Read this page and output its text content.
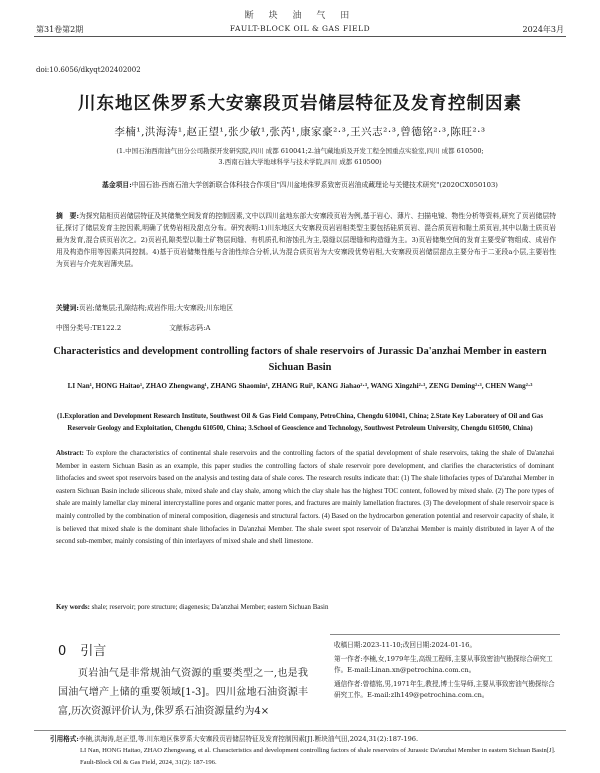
断 块 油 气 田
第31卷第2期	FAULT-BLOCK OIL & GAS FIELD	2024年3月
doi:10.6056/dkyqt202402002
川东地区侏罗系大安寨段页岩储层特征及发育控制因素
李楠¹,洪海涛¹,赵正望¹,张少敏¹,张芮¹,康家豪²·³,王兴志²·³,曾德铭²·³,陈旺²·³
(1.中国石油西南油气田分公司勘探开发研究院,四川 成都 610041;2.油气藏地质及开发工程全国重点实验室,四川 成都 610500;
3.西南石油大学地球科学与技术学院,四川 成都 610500)
基金项目:中国石油-西南石油大学创新联合体科技合作项目"四川盆地侏罗系致密页岩油成藏理论与关键技术研究"(2020CX050103)
摘　要:为探究陆相页岩储层特征及其储集空间发育的控制因素,文中以四川盆地东部大安寨段页岩为例,基于岩心、薄片、扫描电镜、物性分析等资料,研究了页岩储层特征,探讨了储层发育主控因素,明确了优势岩相及甜点分布。研究表明:1)川东地区大安寨段页岩岩相类型主要包括硅质页岩、混合质页岩和黏土质页岩,其中以黏土质页岩最为发育,混合质页岩次之。2)页岩孔隙类型以黏土矿物层间缝、有机质孔和溶蚀孔为主,裂缝以层理缝和构造缝为主。3)页岩储集空间的发育主要受矿物组成、成岩作用及构造作用等因素共同控制。4)基于页岩储集性能与含油性综合分析,认为混合质页岩为大安寨段优势岩相,大安寨段页岩储层甜点主要分布于二亚段a小层,主要岩性为页岩与介壳灰岩薄夹层。
关键词:页岩;储集层;孔隙结构;成岩作用;大安寨段;川东地区
中图分类号:TE122.2	文献标志码:A
Characteristics and development controlling factors of shale reservoirs of Jurassic Da'anzhai Member in eastern Sichuan Basin
LI Nan¹, HONG Haitao¹, ZHAO Zhengwang¹, ZHANG Shaomin¹, ZHANG Rui¹, KANG Jiahao²·³, WANG Xingzhi²·³, ZENG Deming²·³, CHEN Wang²·³
(1.Exploration and Development Research Institute, Southwest Oil & Gas Field Company, PetroChina, Chengdu 610041, China; 2.State Key Laboratory of Oil and Gas Reservoir Geology and Exploitation, Chengdu 610500, China; 3.School of Geoscience and Technology, Southwest Petroleum University, Chengdu 610500, China)
Abstract: To explore the characteristics of continental shale reservoirs and the controlling factors of the spatial development of shale reservoirs, taking the shale of Da'anzhai Member in eastern Sichuan Basin as an example, this paper studies the controlling factors of shale reservoir pore development, and clarifies the characteristics of dominant lithofacies and sweet spot reservoirs based on the analysis and testing data of shale cores. The research results indicate that: (1) The shale lithofacies types of Da'anzhai Member in eastern Sichuan Basin include siliceous shale, mixed shale and clay shale, among which the clay shale has the highest TOC content, followed by mixed shale. (2) The pore types of shale are mainly lamellar clay mineral intercrystalline pores and organic matter pores, and fractures are mainly lamellation fractures. (3) The development of shale reservoir space is mainly controlled by the combination of mineral composition, diagenesis and structural factors. (4) Based on the hydrocarbon generation potential and reservoir capacity of shale, it is believed that mixed shale is the dominant shale lithofacies in Da'anzhai Member. The shale sweet spot reservoir of Da'anzhai Member is mainly distributed in layer A of the second sub-member, mainly consisting of thin interlayers of mixed shale and shell limestone.
Key words: shale; reservoir; pore structure; diagenesis; Da'anzhai Member; eastern Sichuan Basin
0 引言

页岩油气是非常规油气资源的重要类型之一,也是我国油气增产上储的重要领域[1-3]。四川盆地石油资源丰富,历次资源评价认为,侏罗系石油资源量约为4×

收稿日期:2023-11-10;改回日期:2024-01-16。

第一作者:李楠,女,1979年生,高级工程师,主要从事致密油气勘探综合研究工作。E-mail:Linan.xn@petrochina.com.cn。

通信作者:曾德铭,男,1971年生,教授,博士生导师,主要从事致密油气勘探综合研究工作。E-mail:zlh149@petrochina.com.cn。

引用格式:李楠,洪海涛,赵正望,等.川东地区侏罗系大安寨段页岩储层特征及发育控制因素[J].断块油气田,2024,31(2):187-196.
LI Nan, HONG Haitao, ZHAO Zhengwang, et al. Characteristics and development controlling factors of shale reservoirs of Jurassic Da'anzhai Member in eastern Sichuan Basin[J]. Fault-Block Oil & Gas Field, 2024, 31(2): 187-196.
